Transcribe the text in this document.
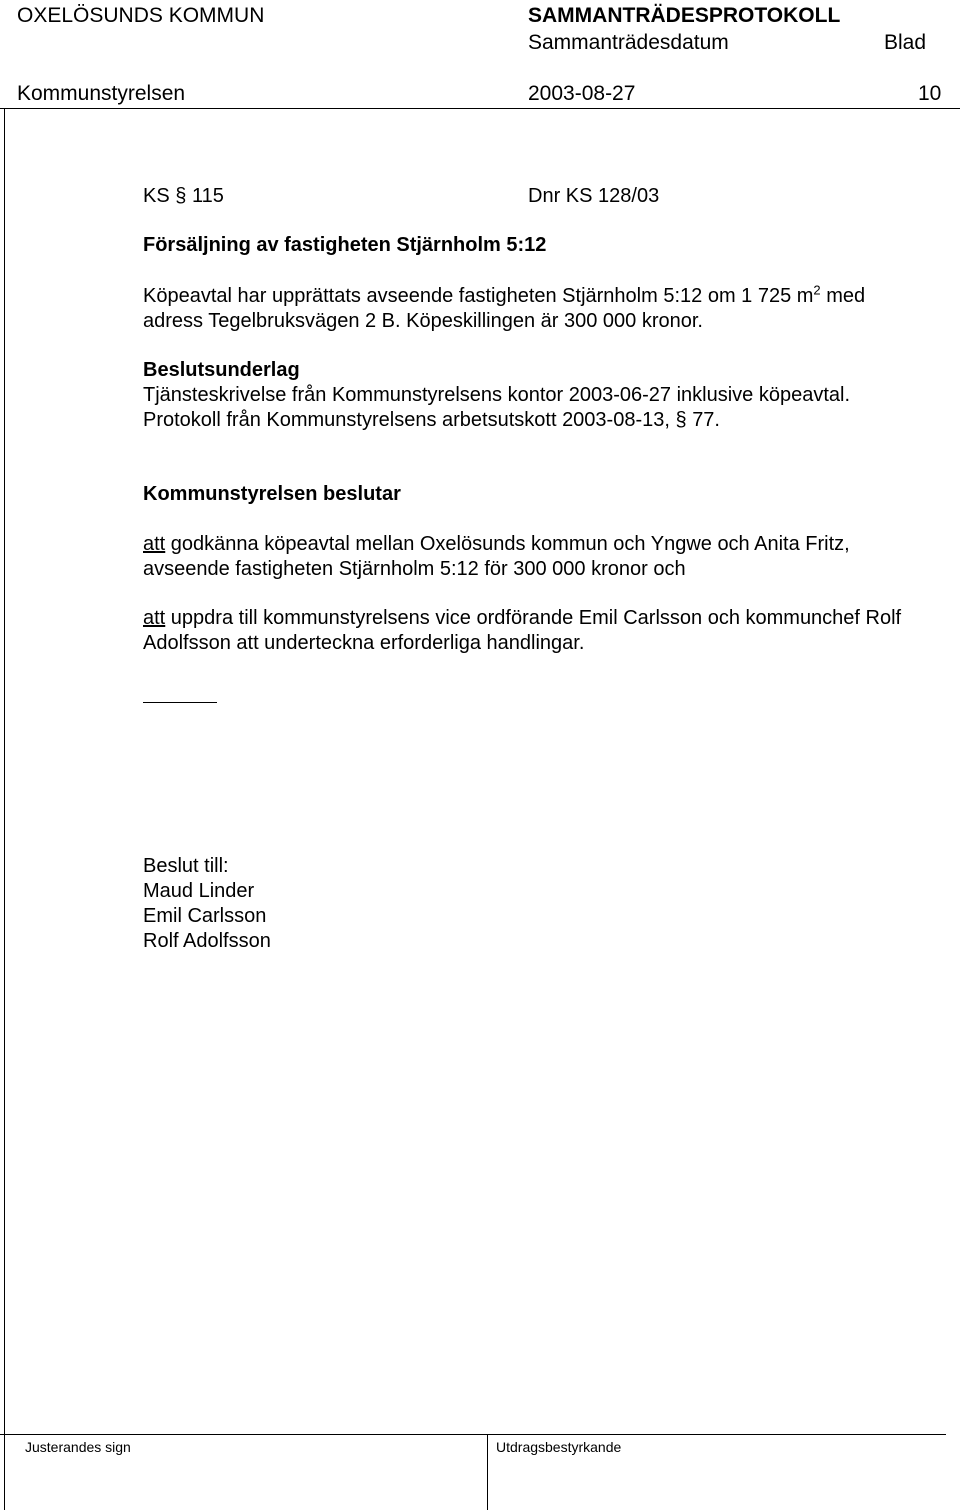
OXELÖSUNDS KOMMUN	SAMMANTRÄDESPROTOKOLL
Sammanträdesdatum	Blad
Kommunstyrelsen	2003-08-27	10
KS § 115	Dnr KS 128/03
Försäljning av fastigheten Stjärnholm 5:12
Köpeavtal har upprättats avseende fastigheten Stjärnholm 5:12 om 1 725 $m^2$ med
adress Tegelbruksvägen 2 B. Köpeskillingen är 300 000 kronor.
Beslutsunderlag
Tjänsteskrivelse från Kommunstyrelsens kontor 2003-06-27 inklusive köpeavtal.
Protokoll från Kommunstyrelsens arbetsutskott 2003-08-13, § 77.
Kommunstyrelsen beslutar
att godkänna köpeavtal mellan Oxelösunds kommun och Yngwe och Anita Fritz,
avseende fastigheten Stjärnholm 5:12 för 300 000 kronor och
att uppdra till kommunstyrelsens vice ordförande Emil Carlsson och kommunchef Rolf
Adolfsson att underteckna erforderliga handlingar.
Beslut till:
Maud Linder
Emil Carlsson
Rolf Adolfsson
Justerandes sign	Utdragsbestyrkande
